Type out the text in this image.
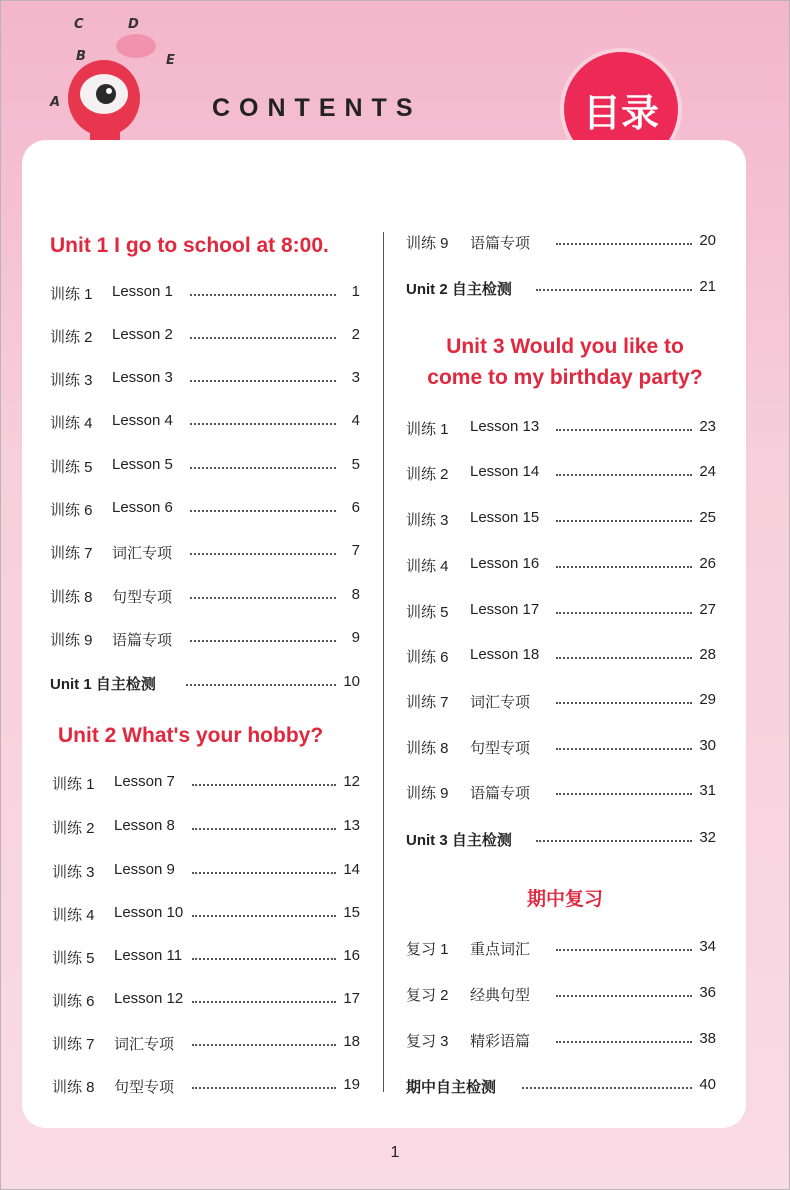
C	D
B	E
A	CONTENTS	目录
Unit 1 I go to school at 8:00.
训练 1 Lesson 1	1
训练 2 Lesson 2	2
训练 3 Lesson 3	3
训练 4 Lesson 4	4
训练 5 Lesson 5	5
训练 6 Lesson 6	6
训练 7 词汇专项	7
训练 8 句型专项	8
训练 9 语篇专项	9
Unit 1 自主检测	10
Unit 2 What's your hobby?
训练 1 Lesson 7	12
训练 2 Lesson 8	13
训练 3 Lesson 9	14
训练 4 Lesson 10	15
训练 5 Lesson 11	16
训练 6 Lesson 12	17
训练 7 词汇专项	18
训练 8 句型专项	19
训练 9 语篇专项	20
Unit 2 自主检测	21
Unit 3 Would you like to
come to my birthday party?
训练 1 Lesson 13	23
训练 2 Lesson 14	24
训练 3 Lesson 15	25
训练 4 Lesson 16	26
训练 5 Lesson 17	27
训练 6 Lesson 18	28
训练 7 词汇专项	29
训练 8 句型专项	30
训练 9 语篇专项	31
Unit 3 自主检测	32
期中复习
复习 1 重点词汇	34
复习 2 经典句型	36
复习 3 精彩语篇	38
期中自主检测	40
1
